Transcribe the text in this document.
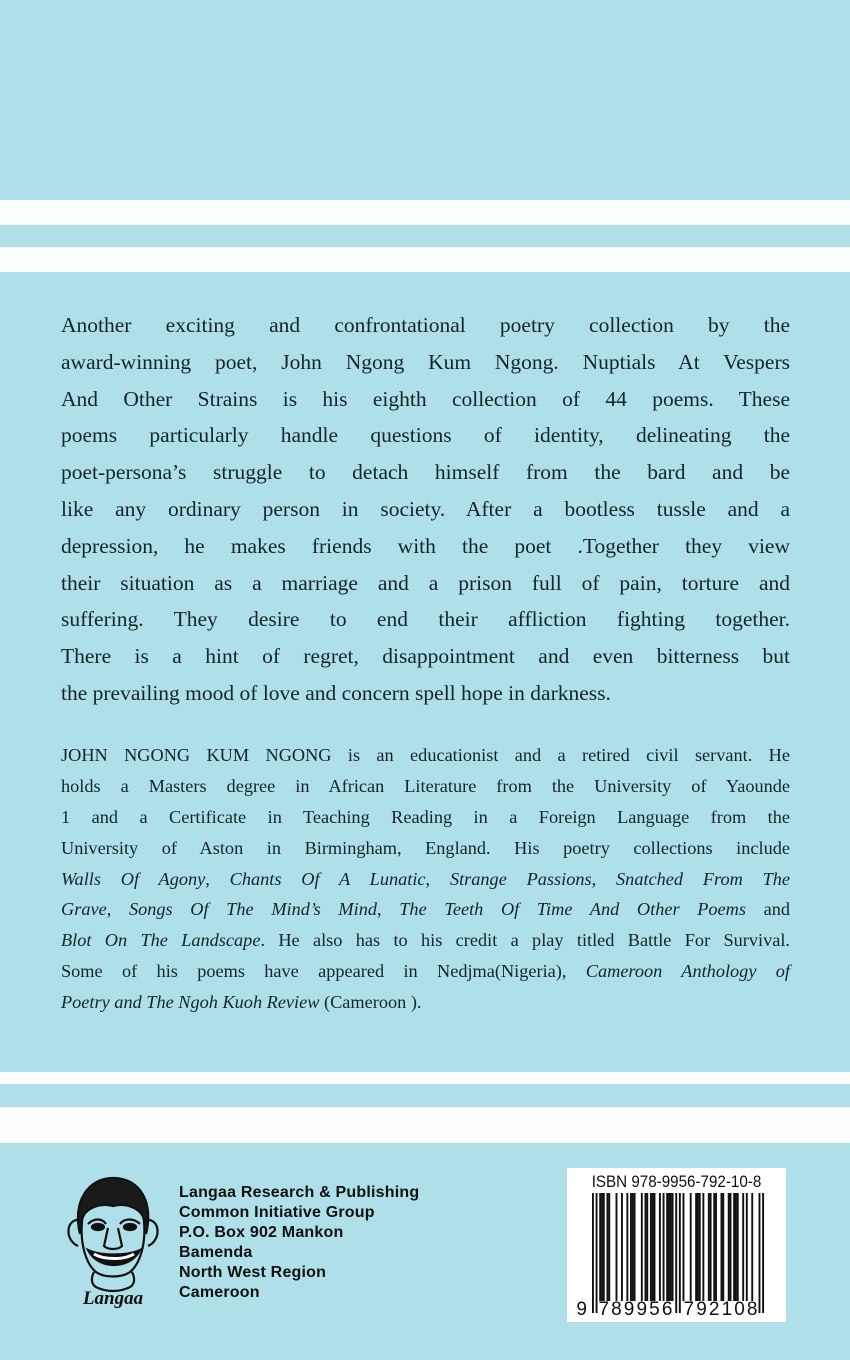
Another exciting and confrontational poetry collection by the
award-winning poet, John Ngong Kum Ngong. Nuptials At Vespers
And Other Strains is his eighth collection of 44 poems. These
poems particularly handle questions of identity, delineating the
poet-persona’s struggle to detach himself from the bard and be
like any ordinary person in society. After a bootless tussle and a
depression, he makes friends with the poet .Together they view
their situation as a marriage and a prison full of pain, torture and
suffering. They desire to end their affliction fighting together.
There is a hint of regret, disappointment and even bitterness but
the prevailing mood of love and concern spell hope in darkness.
JOHN NGONG KUM NGONG is an educationist and a retired civil servant. He
holds a Masters degree in African Literature from the University of Yaounde
1 and a Certificate in Teaching Reading in a Foreign Language from the
University of Aston in Birmingham, England. His poetry collections include
Walls Of Agony, Chants Of A Lunatic, Strange Passions, Snatched From The
Grave, Songs Of The Mind’s Mind, The Teeth Of Time And Other Poems and
Blot On The Landscape. He also has to his credit a play titled Battle For Survival.
Some of his poems have appeared in Nedjma(Nigeria), Cameroon Anthology of
Poetry and The Ngoh Kuoh Review (Cameroon ).
Langaa
Langaa Research & Publishing
Common Initiative Group
P.O. Box 902 Mankon
Bamenda
North West Region
Cameroon
9 789956 792108
ISBN 978-9956-792-10-8
